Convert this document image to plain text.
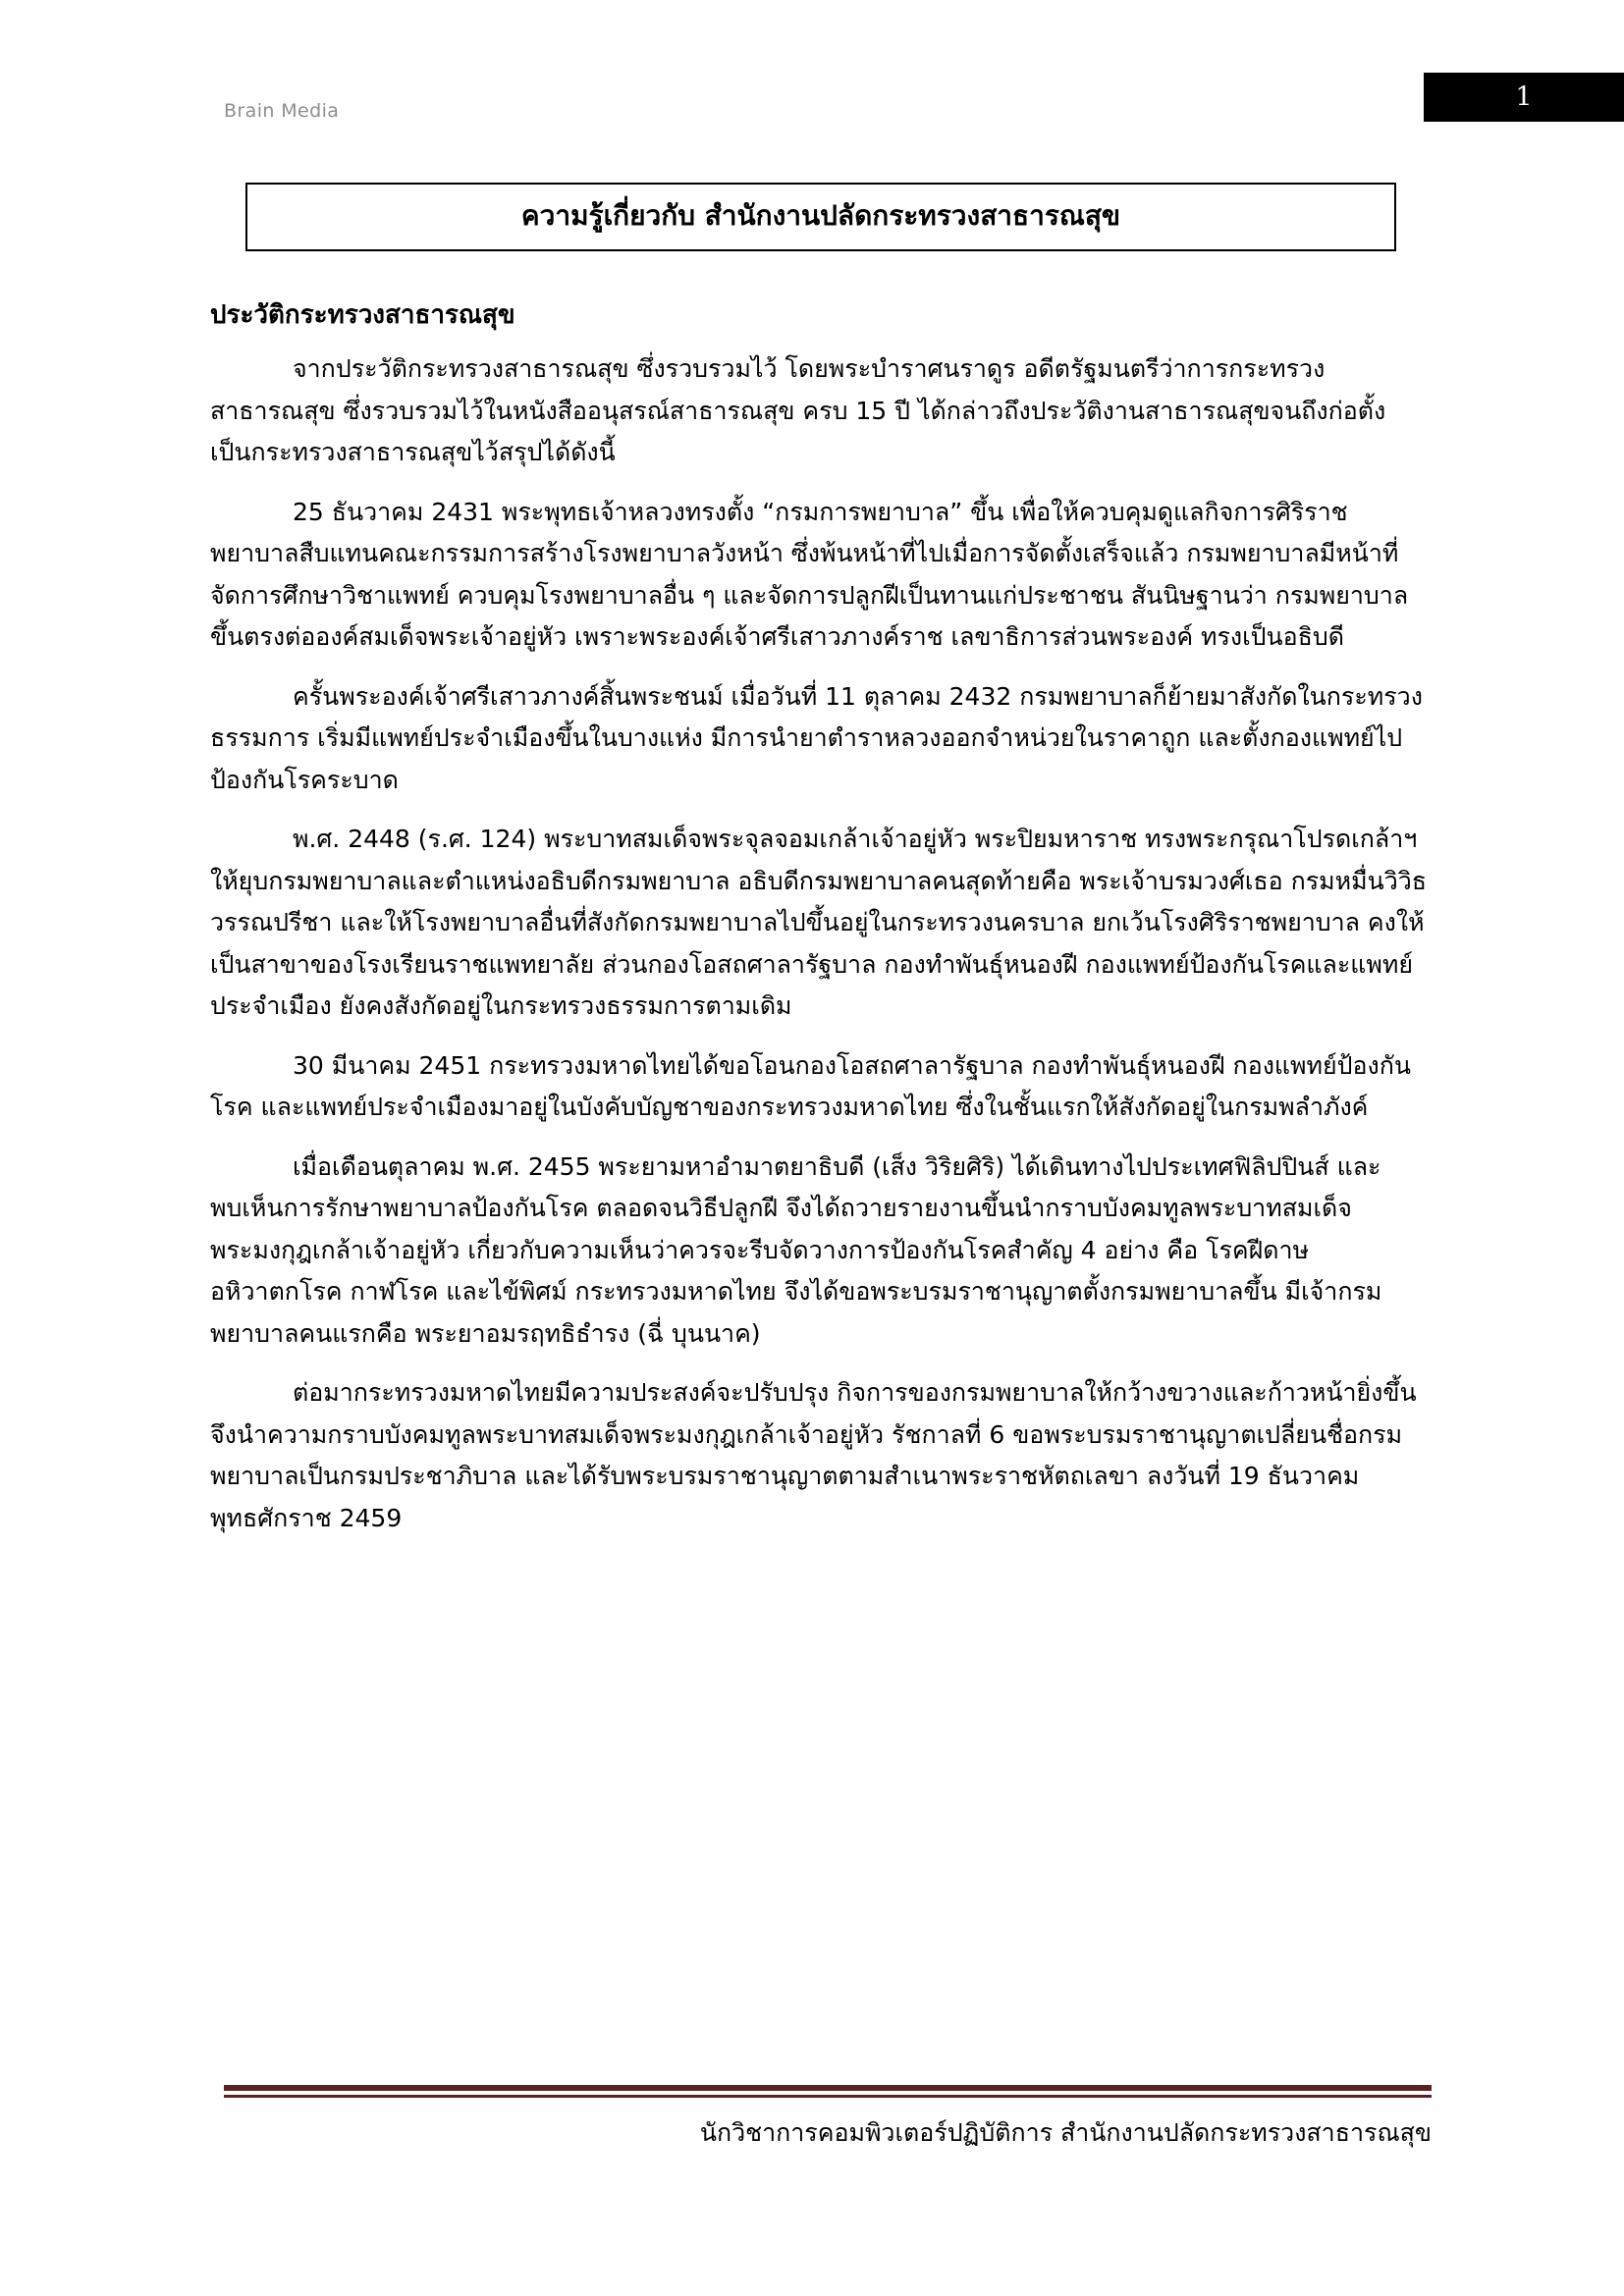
Brain Media	1
ความรู้เกี่ยวกับ สำนักงานปลัดกระทรวงสาธารณสุข
ประวัติกระทรวงสาธารณสุข

จากประวัติกระทรวงสาธารณสุข ซึ่งรวบรวมไว้ โดยพระบำราศนราดูร อดีตรัฐมนตรีว่าการกระทรวงสาธารณสุข ซึ่งรวบรวมไว้ในหนังสืออนุสรณ์สาธารณสุข ครบ 15 ปี ได้กล่าวถึงประวัติงานสาธารณสุขจนถึงก่อตั้งเป็นกระทรวงสาธารณสุขไว้สรุปได้ดังนี้

25 ธันวาคม 2431 พระพุทธเจ้าหลวงทรงตั้ง “กรมการพยาบาล” ขึ้น เพื่อให้ควบคุมดูแลกิจการศิริราชพยาบาลสืบแทนคณะกรรมการสร้างโรงพยาบาลวังหน้า ซึ่งพ้นหน้าที่ไปเมื่อการจัดตั้งเสร็จแล้ว กรมพยาบาลมีหน้าที่จัดการศึกษาวิชาแพทย์ ควบคุมโรงพยาบาลอื่น ๆ และจัดการปลูกฝีเป็นทานแก่ประชาชน สันนิษฐานว่า กรมพยาบาลขึ้นตรงต่อองค์สมเด็จพระเจ้าอยู่หัว เพราะพระองค์เจ้าศรีเสาวภางค์ราช เลขาธิการส่วนพระองค์ ทรงเป็นอธิบดี

ครั้นพระองค์เจ้าศรีเสาวภางค์สิ้นพระชนม์ เมื่อวันที่ 11 ตุลาคม 2432 กรมพยาบาลก็ย้ายมาสังกัดในกระทรวงธรรมการ เริ่มมีแพทย์ประจำเมืองขึ้นในบางแห่ง มีการนำยาตำราหลวงออกจำหน่วยในราคาถูก และตั้งกองแพทย์ไปป้องกันโรคระบาด

พ.ศ. 2448 (ร.ศ. 124) พระบาทสมเด็จพระจุลจอมเกล้าเจ้าอยู่หัว พระปิยมหาราช ทรงพระกรุณาโปรดเกล้าฯ ให้ยุบกรมพยาบาลและตำแหน่งอธิบดีกรมพยาบาล อธิบดีกรมพยาบาลคนสุดท้ายคือ พระเจ้าบรมวงศ์เธอ กรมหมื่นวิวิธวรรณปรีชา และให้โรงพยาบาลอื่นที่สังกัดกรมพยาบาลไปขึ้นอยู่ในกระทรวงนครบาล ยกเว้นโรงศิริราชพยาบาล คงให้เป็นสาขาของโรงเรียนราชแพทยาลัย ส่วนกองโอสถศาลารัฐบาล กองทำพันธุ์หนองฝี กองแพทย์ป้องกันโรคและแพทย์ประจำเมือง ยังคงสังกัดอยู่ในกระทรวงธรรมการตามเดิม

30 มีนาคม 2451 กระทรวงมหาดไทยได้ขอโอนกองโอสถศาลารัฐบาล กองทำพันธุ์หนองฝี กองแพทย์ป้องกันโรค และแพทย์ประจำเมืองมาอยู่ในบังคับบัญชาของกระทรวงมหาดไทย ซึ่งในชั้นแรกให้สังกัดอยู่ในกรมพลำภังค์

เมื่อเดือนตุลาคม พ.ศ. 2455 พระยามหาอำมาตยาธิบดี (เส็ง วิริยศิริ) ได้เดินทางไปประเทศฟิลิปปินส์ และพบเห็นการรักษาพยาบาลป้องกันโรค ตลอดจนวิธีปลูกฝี จึงได้ถวายรายงานขึ้นนำกราบบังคมทูลพระบาทสมเด็จพระมงกุฎเกล้าเจ้าอยู่หัว เกี่ยวกับความเห็นว่าควรจะรีบจัดวางการป้องกันโรคสำคัญ 4 อย่าง คือ โรคฝีดาษ อหิวาตกโรค กาฬโรค และไข้พิศม์ กระทรวงมหาดไทย จึงได้ขอพระบรมราชานุญาตตั้งกรมพยาบาลขึ้น มีเจ้ากรมพยาบาลคนแรกคือ พระยาอมรฤทธิธำรง (ฉี่ บุนนาค)

ต่อมากระทรวงมหาดไทยมีความประสงค์จะปรับปรุง กิจการของกรมพยาบาลให้กว้างขวางและก้าวหน้ายิ่งขึ้น จึงนำความกราบบังคมทูลพระบาทสมเด็จพระมงกุฎเกล้าเจ้าอยู่หัว รัชกาลที่ 6 ขอพระบรมราชานุญาตเปลี่ยนชื่อกรมพยาบาลเป็นกรมประชาภิบาล และได้รับพระบรมราชานุญาตตามสำเนาพระราชหัตถเลขา ลงวันที่ 19 ธันวาคม พุทธศักราช 2459

นักวิชาการคอมพิวเตอร์ปฏิบัติการ สำนักงานปลัดกระทรวงสาธารณสุข
